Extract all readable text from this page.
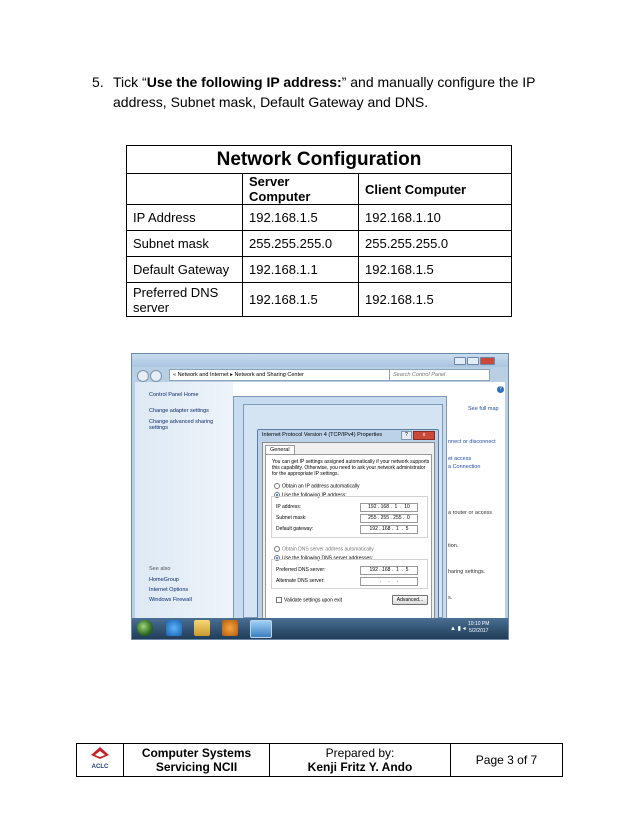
5. Tick “Use the following IP address:” and manually configure the IP address, Subnet mask, Default Gateway and DNS.
Network Configuration		
	Server Computer	Client Computer
IP Address	192.168.1.5	192.168.1.10
Subnet mask	255.255.255.0	255.255.255.0
Default Gateway	192.168.1.1	192.168.1.5
Preferred DNS server	192.168.1.5	192.168.1.5
« Network and Internet ▸ Network and Sharing Center	Search Control Panel
Control Panel Home
Change adapter settings
Change advanced sharing
settings
See also
HomeGroup
Internet Options
Windows Firewall
?
See full map
nnect or disconnect
et access
a Connection
a router or access
tion.
haring settings.
s.
Internet Protocol Version 4 (TCP/IPv4) Properties	?	x
General
You can get IP settings assigned automatically if your network supports this capability. Otherwise, you need to ask your network administrator for the appropriate IP settings.
Obtain an IP address automatically
Use the following IP address:
IP address:	192 . 168 .  1  .  10
Subnet mask:	255 . 255 . 255 .  0
Default gateway:	192 . 168 .  1  .  5
Obtain DNS server address automatically
Use the following DNS server addresses:
Preferred DNS server:	192 . 168 .  1  .  5
Alternate DNS server:	.     .     .
Validate settings upon exit	Advanced...
▲ ▮ ◂
10:10 PM
5/2/2017
ACLC

Computer Systems
Servicing NCII

Prepared by:
Kenji Fritz Y. Ando	Page 3 of 7
